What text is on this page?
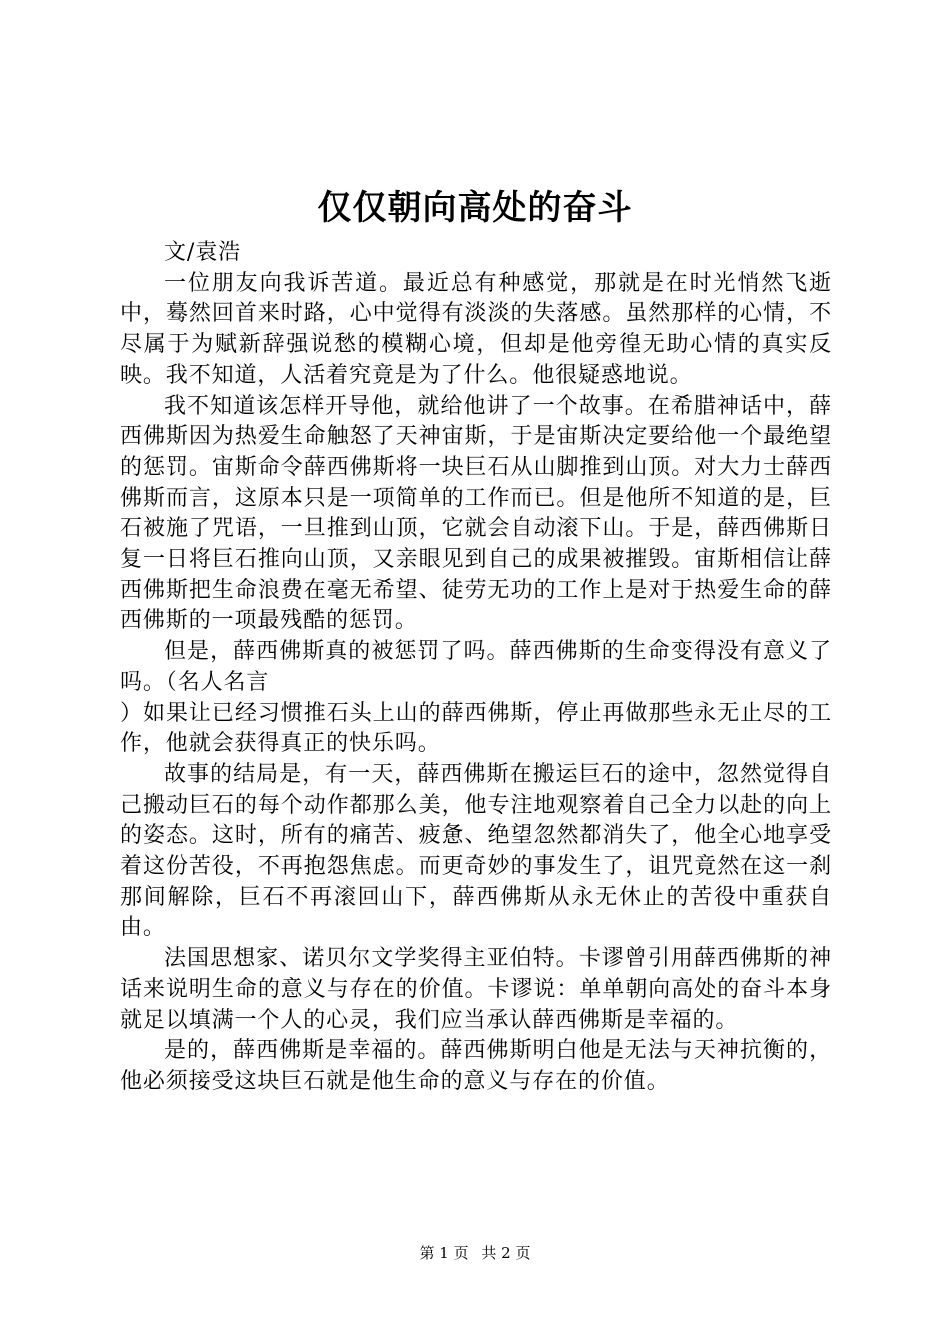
仅仅朝向高处的奋斗

文/袁浩

一位朋友向我诉苦道。最近总有种感觉，那就是在时光悄然飞逝中，蓦然回首来时路，心中觉得有淡淡的失落感。虽然那样的心情，不尽属于为赋新辞强说愁的模糊心境，但却是他旁徨无助心情的真实反映。我不知道，人活着究竟是为了什么。他很疑惑地说。

我不知道该怎样开导他，就给他讲了一个故事。在希腊神话中，薛西佛斯因为热爱生命触怒了天神宙斯，于是宙斯决定要给他一个最绝望的惩罚。宙斯命令薛西佛斯将一块巨石从山脚推到山顶。对大力士薛西佛斯而言，这原本只是一项简单的工作而已。但是他所不知道的是，巨石被施了咒语，一旦推到山顶，它就会自动滚下山。于是，薛西佛斯日复一日将巨石推向山顶，又亲眼见到自己的成果被摧毁。宙斯相信让薛西佛斯把生命浪费在毫无希望、徒劳无功的工作上是对于热爱生命的薛西佛斯的一项最残酷的惩罚。

但是，薛西佛斯真的被惩罚了吗。薛西佛斯的生命变得没有意义了吗。（名人名言

）如果让已经习惯推石头上山的薛西佛斯，停止再做那些永无止尽的工作，他就会获得真正的快乐吗。

故事的结局是，有一天，薛西佛斯在搬运巨石的途中，忽然觉得自己搬动巨石的每个动作都那么美，他专注地观察着自己全力以赴的向上的姿态。这时，所有的痛苦、疲惫、绝望忽然都消失了，他全心地享受着这份苦役，不再抱怨焦虑。而更奇妙的事发生了，诅咒竟然在这一刹那间解除，巨石不再滚回山下，薛西佛斯从永无休止的苦役中重获自由。

法国思想家、诺贝尔文学奖得主亚伯特。卡谬曾引用薛西佛斯的神话来说明生命的意义与存在的价值。卡谬说：单单朝向高处的奋斗本身就足以填满一个人的心灵，我们应当承认薛西佛斯是幸福的。

是的，薛西佛斯是幸福的。薛西佛斯明白他是无法与天神抗衡的，他必须接受这块巨石就是他生命的意义与存在的价值。

第 1 页 共 2 页
